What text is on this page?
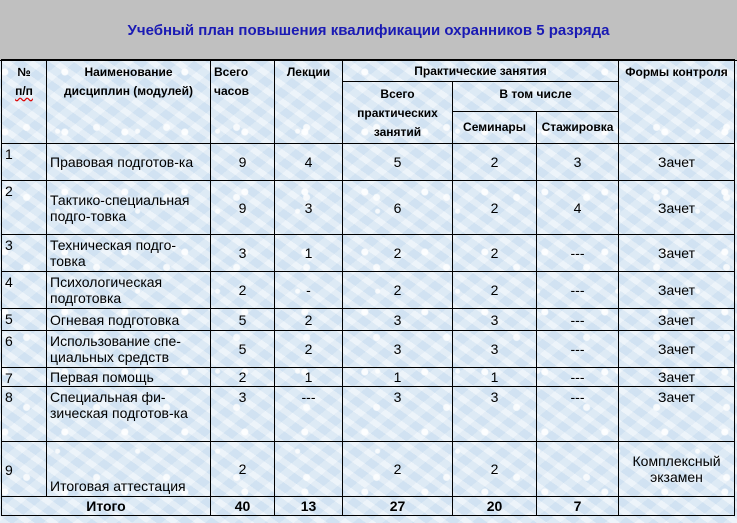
Учебный план повышения квалификации охранников 5 разряда
№
п/п	Наименование дисциплин (модулей)	Всего часов	Лекции	Практические занятия			Формы контроля
				Всего практических занятий	В том числе		
					Семинары	Стажировка	
1	Правовая подготов-ка	9	4	5	2	3	Зачет
2	Тактико-специальная подго-товка	9	3	6	2	4	Зачет
3	Техническая подго-товка	3	1	2	2	---	Зачет
4	Психологическая подготовка	2	-	2	2	---	Зачет
5	Огневая подготовка	5	2	3	3	---	Зачет
6	Использование спе-циальных средств	5	2	3	3	---	Зачет
7	Первая помощь	2	1	1	1	---	Зачет
8	Специальная фи-зическая подготов-ка	3	---	3	3	---	Зачет
9	Итоговая аттестация	2		2	2		Комплексный экзамен
Итого		40	13	27	20	7	
